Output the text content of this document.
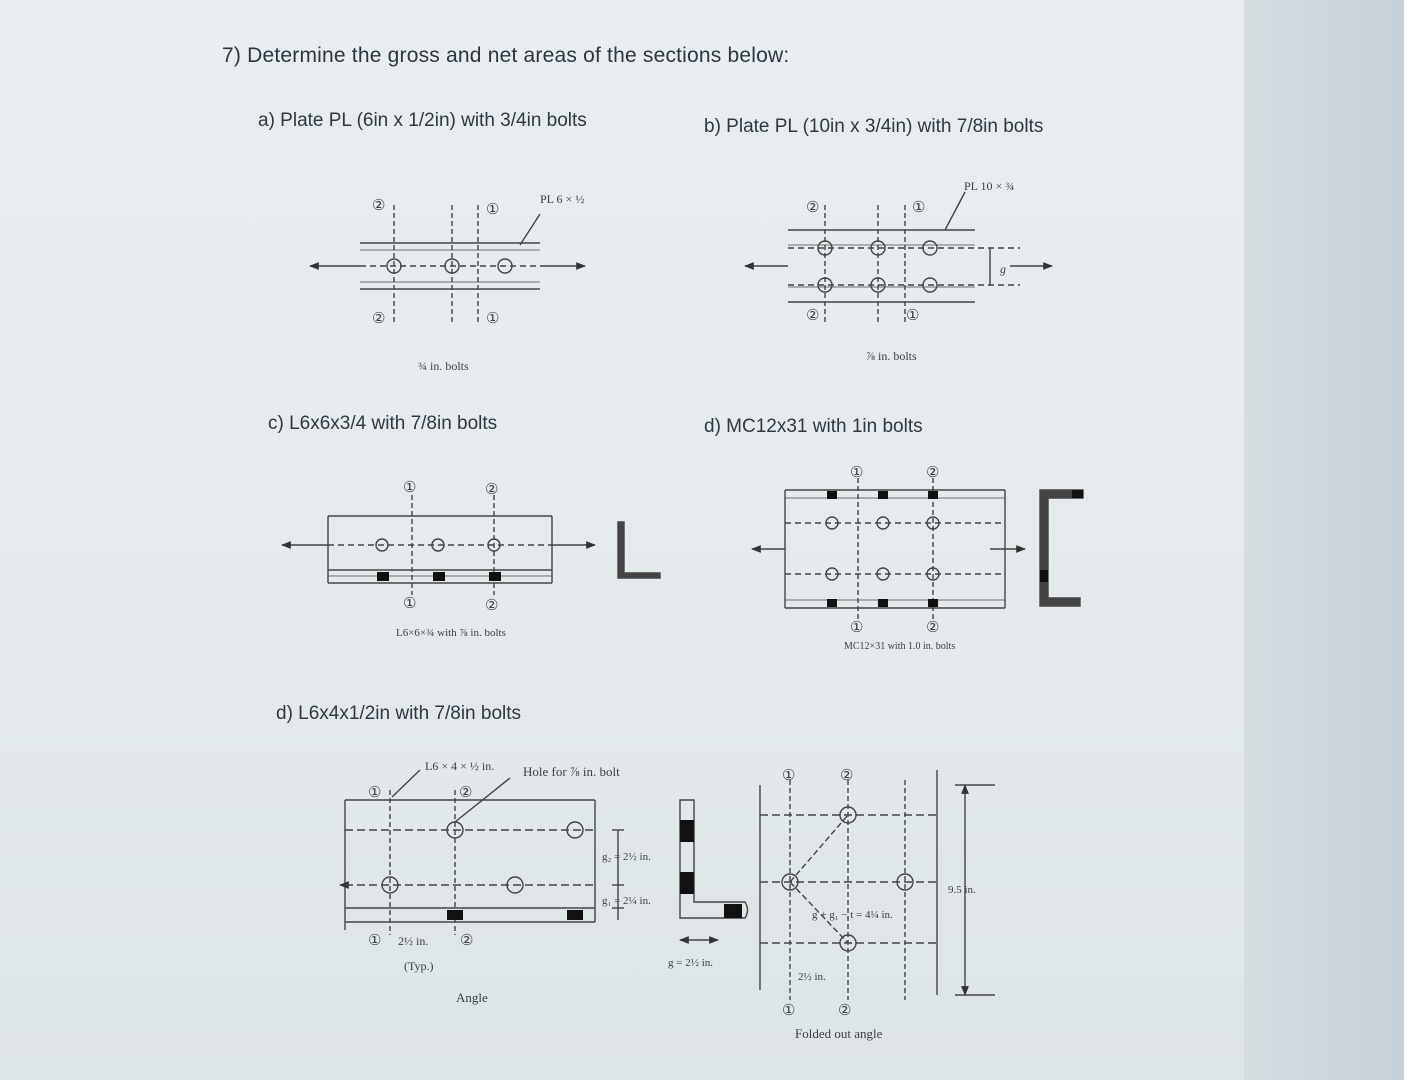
7) Determine the gross and net areas of the sections below:
a) Plate PL (6in x 1/2in) with 3/4in bolts	b) Plate PL (10in x 3/4in) with 7/8in bolts
c) L6x6x3/4 with 7/8in bolts	d) MC12x31 with 1in bolts
d) L6x4x1/2in with 7/8in bolts
②	①
②	①
PL 6 × ½
¾ in. bolts
②	①
②	①
PL 10 × ¾
⅞ in. bolts
g
①	②
①	②
L6×6×¾ with ⅞ in. bolts
①	②
①	②
MC12×31 with 1.0 in. bolts
①	②
①	②
L6 × 4 × ½ in. Hole for ⅞ in. bolt
g₂ = 2½ in.
g₁ = 2¼ in.
g = 2½ in.
2½ in.
(Typ.)
Angle
g + g₁ − t = 4¼ in.
2½ in.
9.5 in.
①	②
①	②
Folded out angle
